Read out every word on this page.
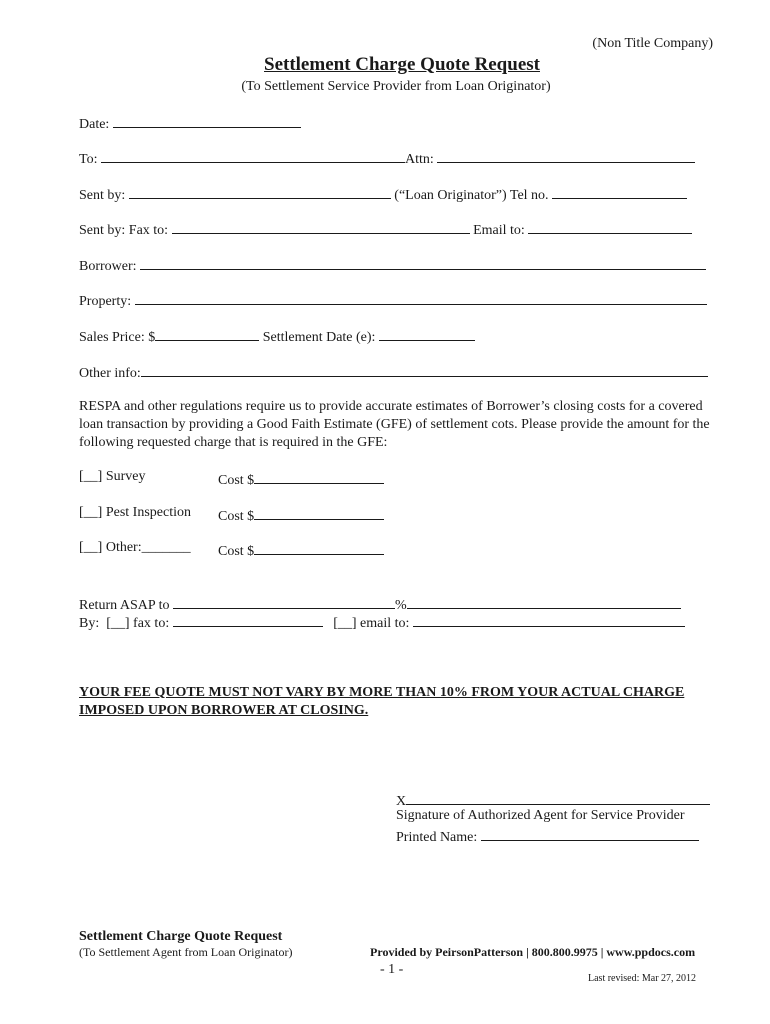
(Non Title Company)
Settlement Charge Quote Request
(To Settlement Service Provider from Loan Originator)
Date:
To:	Attn:
Sent by:	(“Loan Originator”) Tel no.
Sent by: Fax to:	Email to:
Borrower:
Property:
Sales Price: $	Settlement Date (e):
Other info:
RESPA and other regulations require us to provide accurate estimates of Borrower’s closing costs for a covered loan transaction by providing a Good Faith Estimate (GFE) of settlement cots. Please provide the amount for the following requested charge that is required in the GFE:
[__] Survey	Cost $
[__] Pest Inspection Cost $
[__] Other:_______ Cost $
Return ASAP to	%
By: [__] fax to:	[__] email to:
YOUR FEE QUOTE MUST NOT VARY BY MORE THAN 10% FROM YOUR ACTUAL CHARGE IMPOSED UPON BORROWER AT CLOSING.
X
Signature of Authorized Agent for Service Provider
Printed Name:
Settlement Charge Quote Request
(To Settlement Agent from Loan Originator)	Provided by PeirsonPatterson | 800.800.9975 | www.ppdocs.com
- 1 -
Last revised: Mar 27, 2012
